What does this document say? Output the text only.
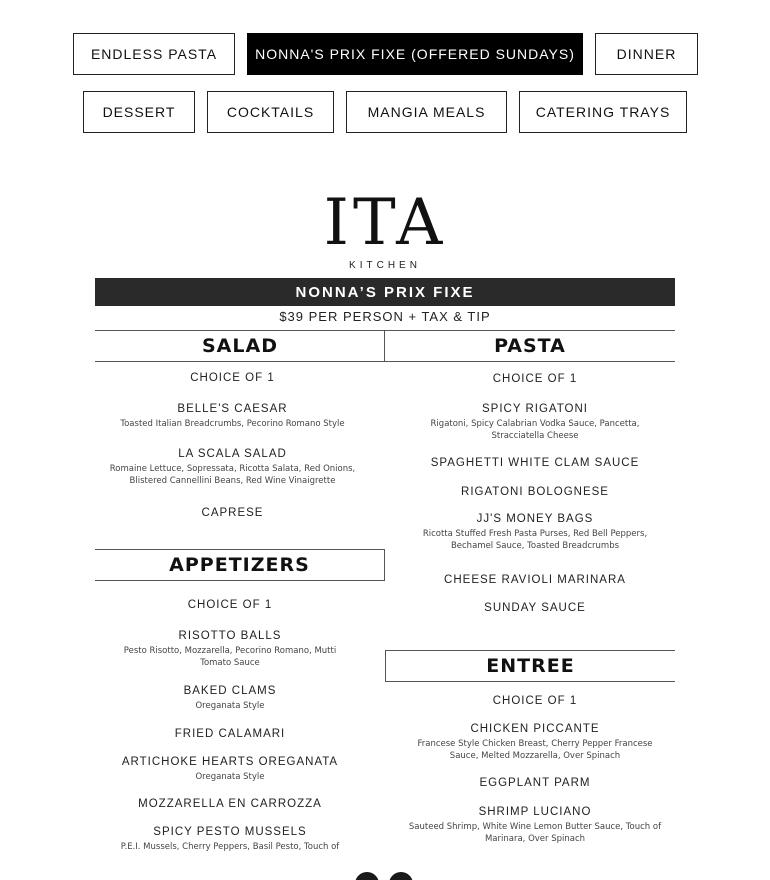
ENDLESS PASTA	NONNA'S PRIX FIXE (OFFERED SUNDAYS)	DINNER
DESSERT	COCKTAILS	MANGIA MEALS	CATERING TRAYS
ITA
KITCHEN
NONNA’S PRIX FIXE
$39 PER PERSON + TAX & TIP
SALAD	PASTA
CHOICE OF 1
BELLE'S CAESAR
Toasted Italian Breadcrumbs, Pecorino Romano Style
LA SCALA SALAD
Romaine Lettuce, Sopressata, Ricotta Salata, Red Onions, Blistered Cannellini Beans, Red Wine Vinaigrette
CAPRESE
CHOICE OF 1
SPICY RIGATONI
Rigatoni, Spicy Calabrian Vodka Sauce, Pancetta, Stracciatella Cheese
SPAGHETTI WHITE CLAM SAUCE
RIGATONI BOLOGNESE
JJ'S MONEY BAGS
Ricotta Stuffed Fresh Pasta Purses, Red Bell Peppers, Bechamel Sauce, Toasted Breadcrumbs
CHEESE RAVIOLI MARINARA
SUNDAY SAUCE
APPETIZERS
CHOICE OF 1
RISOTTO BALLS
Pesto Risotto, Mozzarella, Pecorino Romano, Mutti Tomato Sauce
BAKED CLAMS
Oreganata Style
FRIED CALAMARI
ARTICHOKE HEARTS OREGANATA
Oreganata Style
MOZZARELLA EN CARROZZA
SPICY PESTO MUSSELS
P.E.I. Mussels, Cherry Peppers, Basil Pesto, Touch of
ENTREE
CHOICE OF 1
CHICKEN PICCANTE
Francese Style Chicken Breast, Cherry Pepper Francese Sauce, Melted Mozzarella, Over Spinach
EGGPLANT PARM
SHRIMP LUCIANO
Sauteed Shrimp, White Wine Lemon Butter Sauce, Touch of Marinara, Over Spinach
